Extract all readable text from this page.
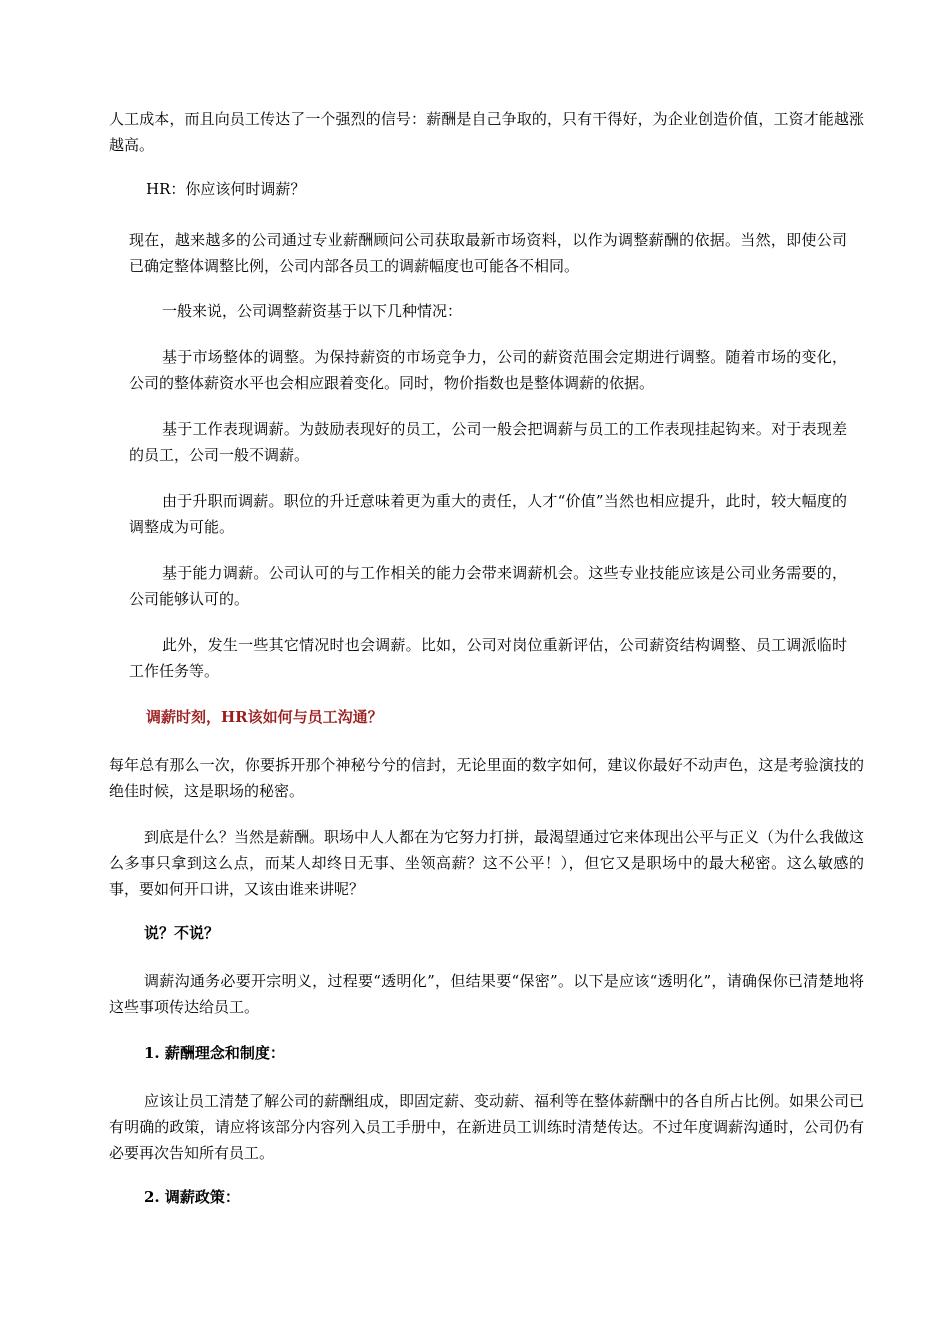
人工成本，而且向员工传达了一个强烈的信号：薪酬是自己争取的，只有干得好，为企业创造价值，工资才能越涨越高。

HR：你应该何时调薪？

现在，越来越多的公司通过专业薪酬顾问公司获取最新市场资料，以作为调整薪酬的依据。当然，即使公司已确定整体调整比例，公司内部各员工的调薪幅度也可能各不相同。

一般来说，公司调整薪资基于以下几种情况：

基于市场整体的调整。为保持薪资的市场竞争力，公司的薪资范围会定期进行调整。随着市场的变化，公司的整体薪资水平也会相应跟着变化。同时，物价指数也是整体调薪的依据。

基于工作表现调薪。为鼓励表现好的员工，公司一般会把调薪与员工的工作表现挂起钩来。对于表现差的员工，公司一般不调薪。

由于升职而调薪。职位的升迁意味着更为重大的责任，人才“价值”当然也相应提升，此时，较大幅度的调整成为可能。

基于能力调薪。公司认可的与工作相关的能力会带来调薪机会。这些专业技能应该是公司业务需要的，公司能够认可的。

此外，发生一些其它情况时也会调薪。比如，公司对岗位重新评估，公司薪资结构调整、员工调派临时工作任务等。

调薪时刻，HR该如何与员工沟通？

每年总有那么一次，你要拆开那个神秘兮兮的信封，无论里面的数字如何，建议你最好不动声色，这是考验演技的绝佳时候，这是职场的秘密。

到底是什么？当然是薪酬。职场中人人都在为它努力打拼，最渴望通过它来体现出公平与正义（为什么我做这么多事只拿到这么点，而某人却终日无事、坐领高薪？这不公平！），但它又是职场中的最大秘密。这么敏感的事，要如何开口讲，又该由谁来讲呢？

说？不说？

调薪沟通务必要开宗明义，过程要“透明化”，但结果要“保密”。以下是应该“透明化”，请确保你已清楚地将这些事项传达给员工。

1. 薪酬理念和制度：

应该让员工清楚了解公司的薪酬组成，即固定薪、变动薪、福利等在整体薪酬中的各自所占比例。如果公司已有明确的政策，请应将该部分内容列入员工手册中，在新进员工训练时清楚传达。不过年度调薪沟通时，公司仍有必要再次告知所有员工。

2. 调薪政策：
